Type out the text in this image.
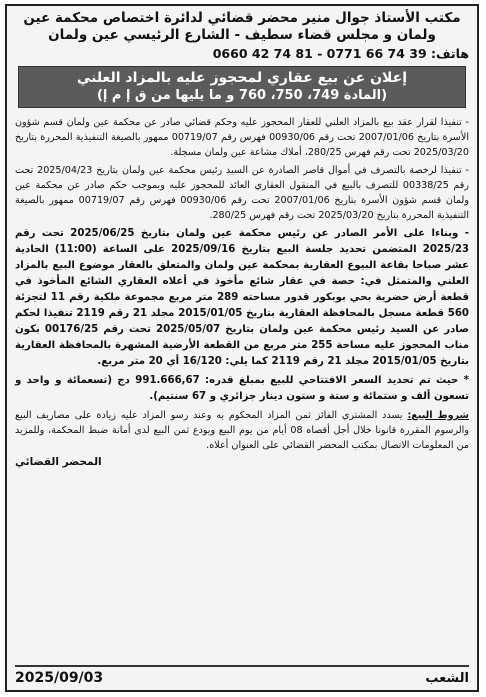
مكتب الأستاذ جوال منير محضر قضائي لدائرة اختصاص محكمة عين
ولمان و مجلس قضاء سطيف - الشارع الرئيسي عين ولمان
هاتف: 0660 42 74 81 - 0771 66 74 39
إعلان عن بيع عقاري لمحجوز عليه بالمزاد العلني
(المادة 749، 750، 760 و ما يليها من ق إ م إ)

- تنفيذا لقرار عقد بيع بالمزاد العلني للعقار المحجوز عليه وحكم قضائي صادر عن محكمة عين ولمان قسم شؤون الأسرة بتاريخ 2007/01/06 تحت رقم 00930/06 فهرس رقم 00719/07 ممهور بالصيغة التنفيذية المحررة بتاريخ 2025/03/20 تحت رقم فهرس 280/25، أملاك مشاعة عين ولمان مسجلة.

- تنفيذا لرخصة بالتصرف في أموال قاصر الصادرة عن السيد رئيس محكمة عين ولمان بتاريخ 2025/04/23 تحت رقم 00338/25 للتصرف بالبيع في المنقول العقاري العائد للمحجوز عليه وبموجب حكم صادر عن محكمة عين ولمان قسم شؤون الأسرة بتاريخ 2007/01/06 تحت رقم 00930/06 فهرس رقم 00719/07 ممهور بالصيغة التنفيذية المحررة بتاريخ 2025/03/20 تحت رقم فهرس 280/25.

- وبناءا على الأمر الصادر عن رئيس محكمة عين ولمان بتاريخ 2025/06/25 تحت رقم 2025/23 المتضمن تحديد جلسة البيع بتاريخ 2025/09/16 على الساعة (11:00) الحادية عشر صباحا بقاعة البيوع العقارية بمحكمة عين ولمان والمتعلق بالعقار موضوع البيع بالمزاد العلني والمتمثل في: حصة في عقار شائع مأخوذ في أعلاه العقاري الشائع المأخوذ في قطعة أرض حضرية بحي بوبكور قدور مساحته 289 متر مربع مجموعة ملكية رقم 11 لتجزئة 560 قطعة مسجل بالمحافظة العقارية بتاريخ 2015/01/05 مجلد 21 رقم 2119 تنفيذا لحكم صادر عن السيد رئيس محكمة عين ولمان بتاريخ 2025/05/07 تحت رقم 00176/25 بكون مناب المحجوز عليه مساحة 255 متر مربع من القطعة الأرضية المشهرة بالمحافظة العقارية بتاريخ 2015/01/05 مجلد 21 رقم 2119 كما يلي: 16/120 أي 20 متر مربع.

* حيث تم تحديد السعر الافتتاحي للبيع بمبلغ قدره: 991.666,67 دج (تسعمائة و واحد و تسعون ألف و ستمائة و ستة و ستون دينار جزائري و 67 سنتيم).

شروط البيع: يسدد المشتري الفائز ثمن المزاد المحكوم به وعند رسو المزاد عليه زيادة على مصاريف البيع والرسوم المقررة قانونا خلال أجل أقصاه 08 أيام من يوم البيع ويودع ثمن البيع لدى أمانة ضبط المحكمة، وللمزيد من المعلومات الاتصال بمكتب المحضر القضائي على العنوان أعلاه.

المحضر القضائي
الشعب
2025/09/03
